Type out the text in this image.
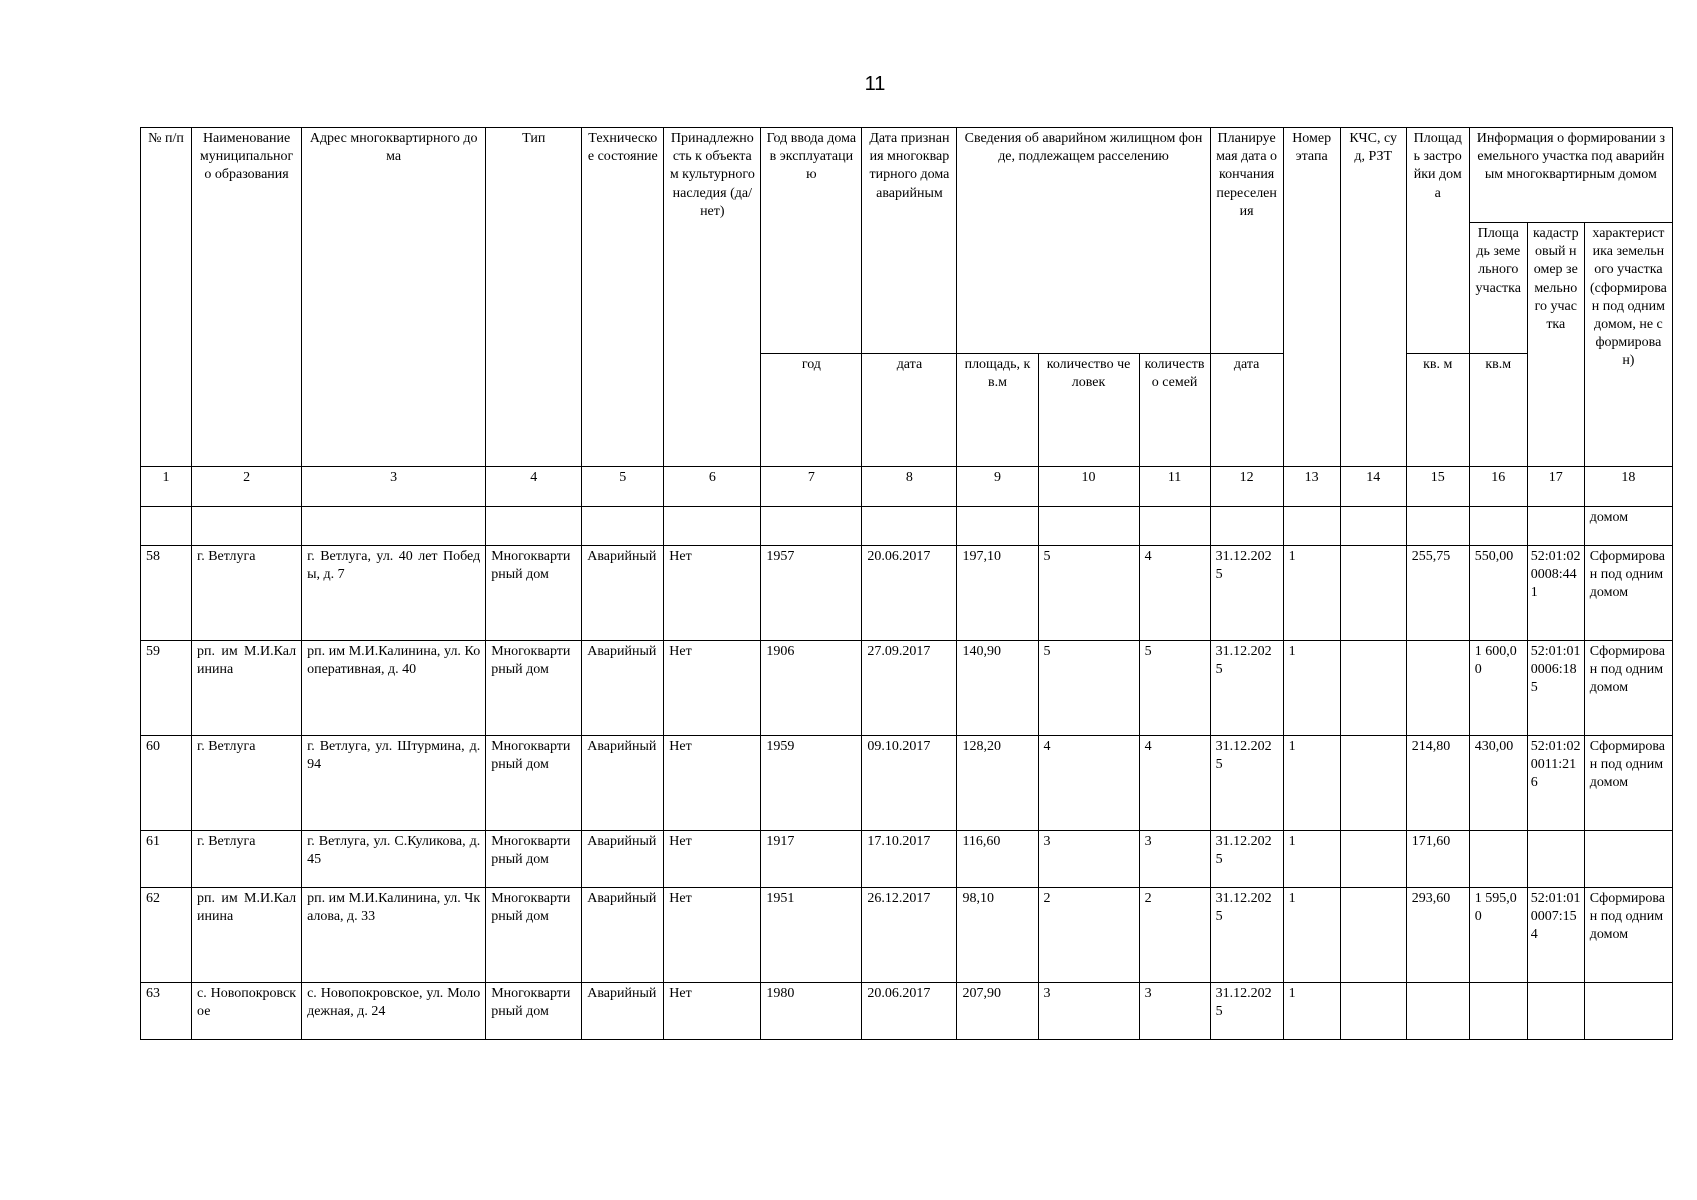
11
№ п/п	Наименование муниципального образования	Адрес многоквартирного дома	Тип	Техническое состояние	Принадлежность к объектам культурного наследия (да/нет)	Год ввода дома в эксплуатацию	Дата признания многоквартирного дома аварийным	Сведения об аварийном жилищном фонде, подлежащем расселению			Планируемая дата окончания переселения	Номер этапа	КЧС, суд, РЗТ	Площадь застройки дома	Информация о формировании земельного участка под аварийным многоквартирным домом		
															Площадь земельного участка	кадастровый номер земельного участка	характеристика земельного участка (сформирован под одним домом, не сформирован)
						год	дата	площадь, кв.м	количество человек	количество семей	дата			кв. м	кв.м		
1	2	3	4	5	6	7	8	9	10	11	12	13	14	15	16	17	18
																	домом
58	г. Ветлуга	г. Ветлуга, ул. 40 лет Победы, д. 7	Многоквартирный дом	Аварийный	Нет	1957	20.06.2017	197,10	5	4	31.12.2025	1		255,75	550,00	52:01:020008:441	Сформирован под одним домом
59	рп. им М.И.Калинина	рп. им М.И.Калинина, ул. Кооперативная, д. 40	Многоквартирный дом	Аварийный	Нет	1906	27.09.2017	140,90	5	5	31.12.2025	1			1 600,00	52:01:010006:185	Сформирован под одним домом
60	г. Ветлуга	г. Ветлуга, ул. Штурмина, д. 94	Многоквартирный дом	Аварийный	Нет	1959	09.10.2017	128,20	4	4	31.12.2025	1		214,80	430,00	52:01:020011:216	Сформирован под одним домом
61	г. Ветлуга	г. Ветлуга, ул. С.Куликова, д. 45	Многоквартирный дом	Аварийный	Нет	1917	17.10.2017	116,60	3	3	31.12.2025	1		171,60			
62	рп. им М.И.Калинина	рп. им М.И.Калинина, ул. Чкалова, д. 33	Многоквартирный дом	Аварийный	Нет	1951	26.12.2017	98,10	2	2	31.12.2025	1		293,60	1 595,00	52:01:010007:154	Сформирован под одним домом
63	с. Новопокровское	с. Новопокровское, ул. Молодежная, д. 24	Многоквартирный дом	Аварийный	Нет	1980	20.06.2017	207,90	3	3	31.12.2025	1					
